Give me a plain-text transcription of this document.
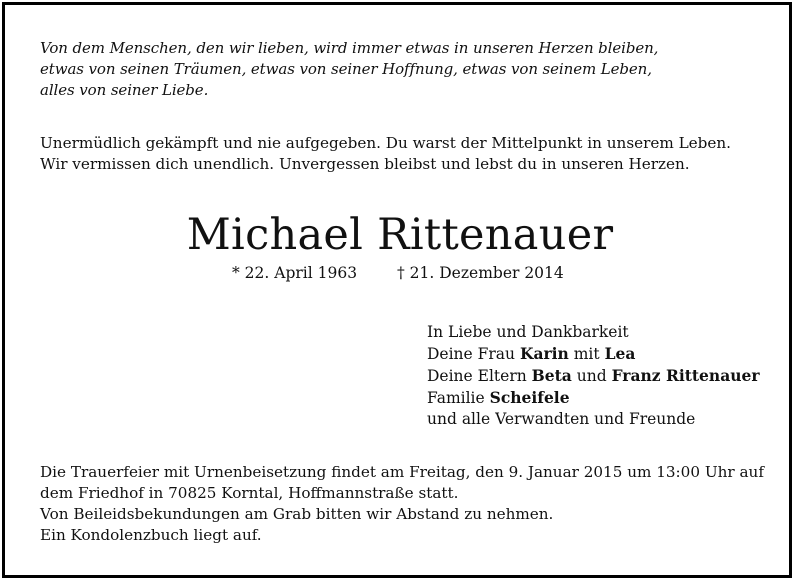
Von dem Menschen, den wir lieben, wird immer etwas in unseren Herzen bleiben,
etwas von seinen Träumen, etwas von seiner Hoffnung, etwas von seinem Leben,
alles von seiner Liebe.
Unermüdlich gekämpft und nie aufgegeben. Du warst der Mittelpunkt in unserem Leben.
Wir vermissen dich unendlich. Unvergessen bleibst und lebst du in unseren Herzen.
Michael Rittenauer
* 22. April 1963	† 21. Dezember 2014
In Liebe und Dankbarkeit
Deine Frau Karin mit Lea
Deine Eltern Beta und Franz Rittenauer
Familie Scheifele
und alle Verwandten und Freunde
Die Trauerfeier mit Urnenbeisetzung findet am Freitag, den 9. Januar 2015 um 13:00 Uhr auf
dem Friedhof in 70825 Korntal, Hoffmannstraße statt.
Von Beileidsbekundungen am Grab bitten wir Abstand zu nehmen.
Ein Kondolenzbuch liegt auf.
